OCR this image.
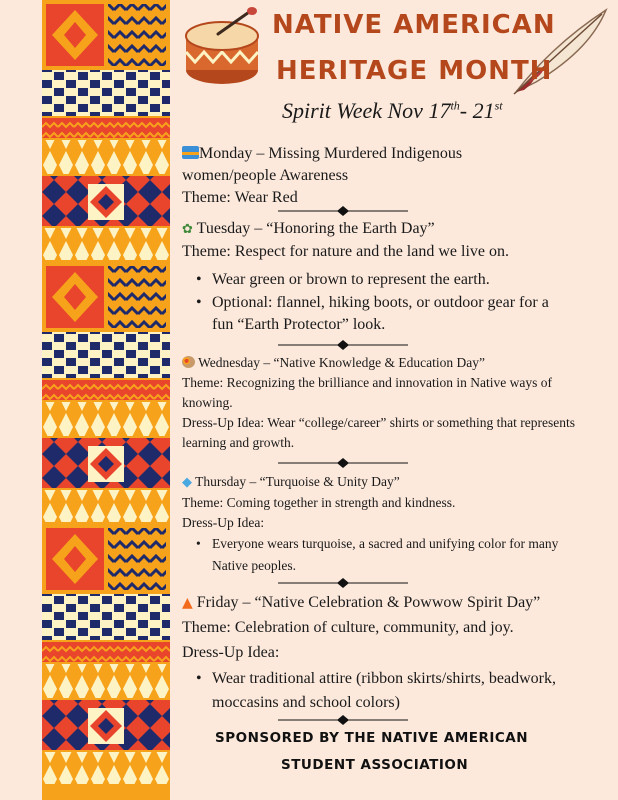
NATIVE AMERICAN
HERITAGE MONTH
Spirit Week Nov 17th- 21st
Monday – Missing Murdered Indigenous
women/people Awareness
Theme: Wear Red
✿ Tuesday – “Honoring the Earth Day”
Theme: Respect for nature and the land we live on.
• Wear green or brown to represent the earth.
• Optional: flannel, hiking boots, or outdoor gear for a
fun “Earth Protector” look.
Wednesday – “Native Knowledge & Education Day”
Theme: Recognizing the brilliance and innovation in Native ways of
knowing.
Dress-Up Idea: Wear “college/career” shirts or something that represents
learning and growth.
◆ Thursday – “Turquoise & Unity Day”
Theme: Coming together in strength and kindness.
Dress-Up Idea:
• Everyone wears turquoise, a sacred and unifying color for many
Native peoples.
▲ Friday – “Native Celebration & Powwow Spirit Day”
Theme: Celebration of culture, community, and joy.
Dress-Up Idea:
• Wear traditional attire (ribbon skirts/shirts, beadwork,
moccasins and school colors)
SPONSORED BY THE NATIVE AMERICAN
STUDENT ASSOCIATION
